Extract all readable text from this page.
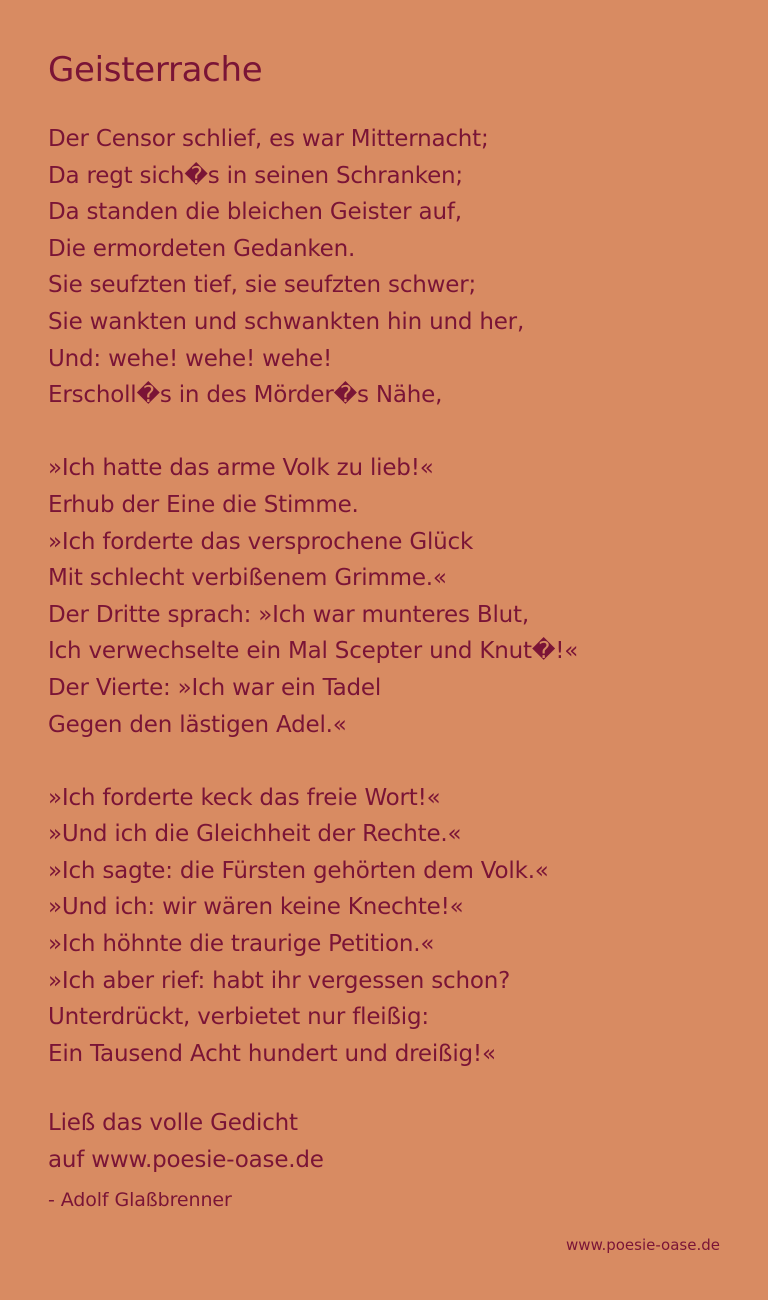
Geisterrache
Der Censor schlief, es war Mitternacht;
Da regt sich�s in seinen Schranken;
Da standen die bleichen Geister auf,
Die ermordeten Gedanken.
Sie seufzten tief, sie seufzten schwer;
Sie wankten und schwankten hin und her,
Und: wehe! wehe! wehe!
Erscholl�s in des Mörder�s Nähe,
»Ich hatte das arme Volk zu lieb!«
Erhub der Eine die Stimme.
»Ich forderte das versprochene Glück
Mit schlecht verbißenem Grimme.«
Der Dritte sprach: »Ich war munteres Blut,
Ich verwechselte ein Mal Scepter und Knut�!«
Der Vierte: »Ich war ein Tadel
Gegen den lästigen Adel.«
»Ich forderte keck das freie Wort!«
»Und ich die Gleichheit der Rechte.«
»Ich sagte: die Fürsten gehörten dem Volk.«
»Und ich: wir wären keine Knechte!«
»Ich höhnte die traurige Petition.«
»Ich aber rief: habt ihr vergessen schon?
Unterdrückt, verbietet nur fleißig:
Ein Tausend Acht hundert und dreißig!«
Ließ das volle Gedicht
auf www.poesie-oase.de
- Adolf Glaßbrenner
www.poesie-oase.de
